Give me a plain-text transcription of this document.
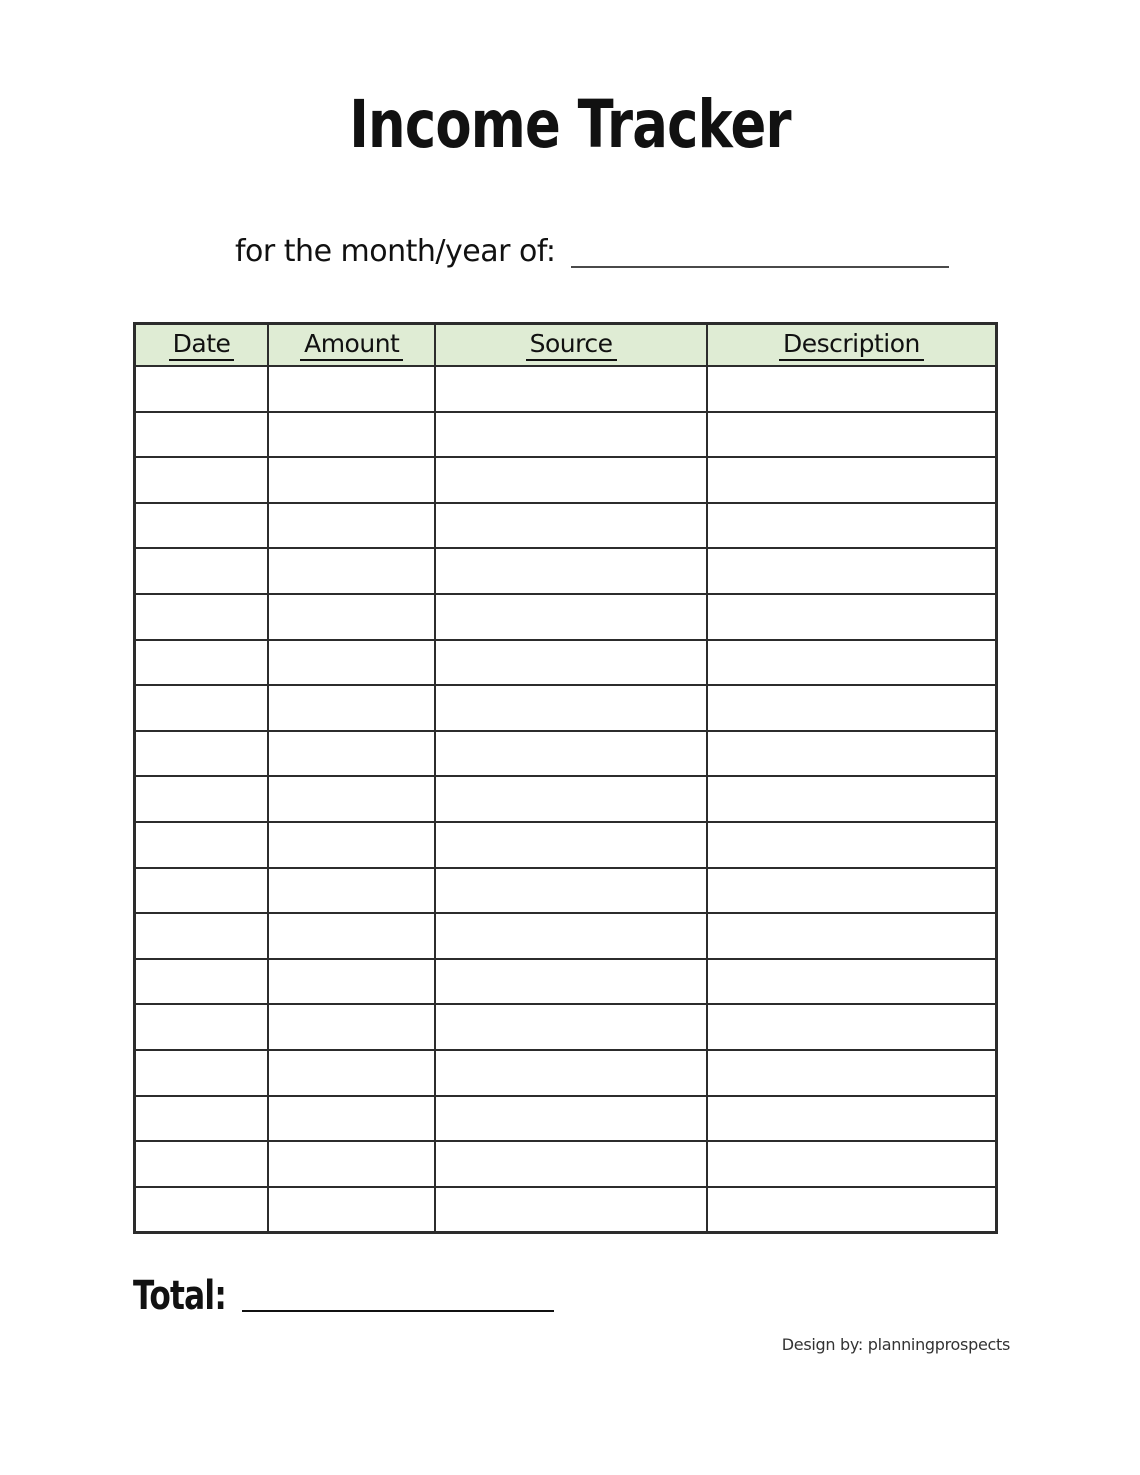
Income Tracker
for the month/year of:
Date	Amount	Source	Description

Total:
Design by: planningprospects
